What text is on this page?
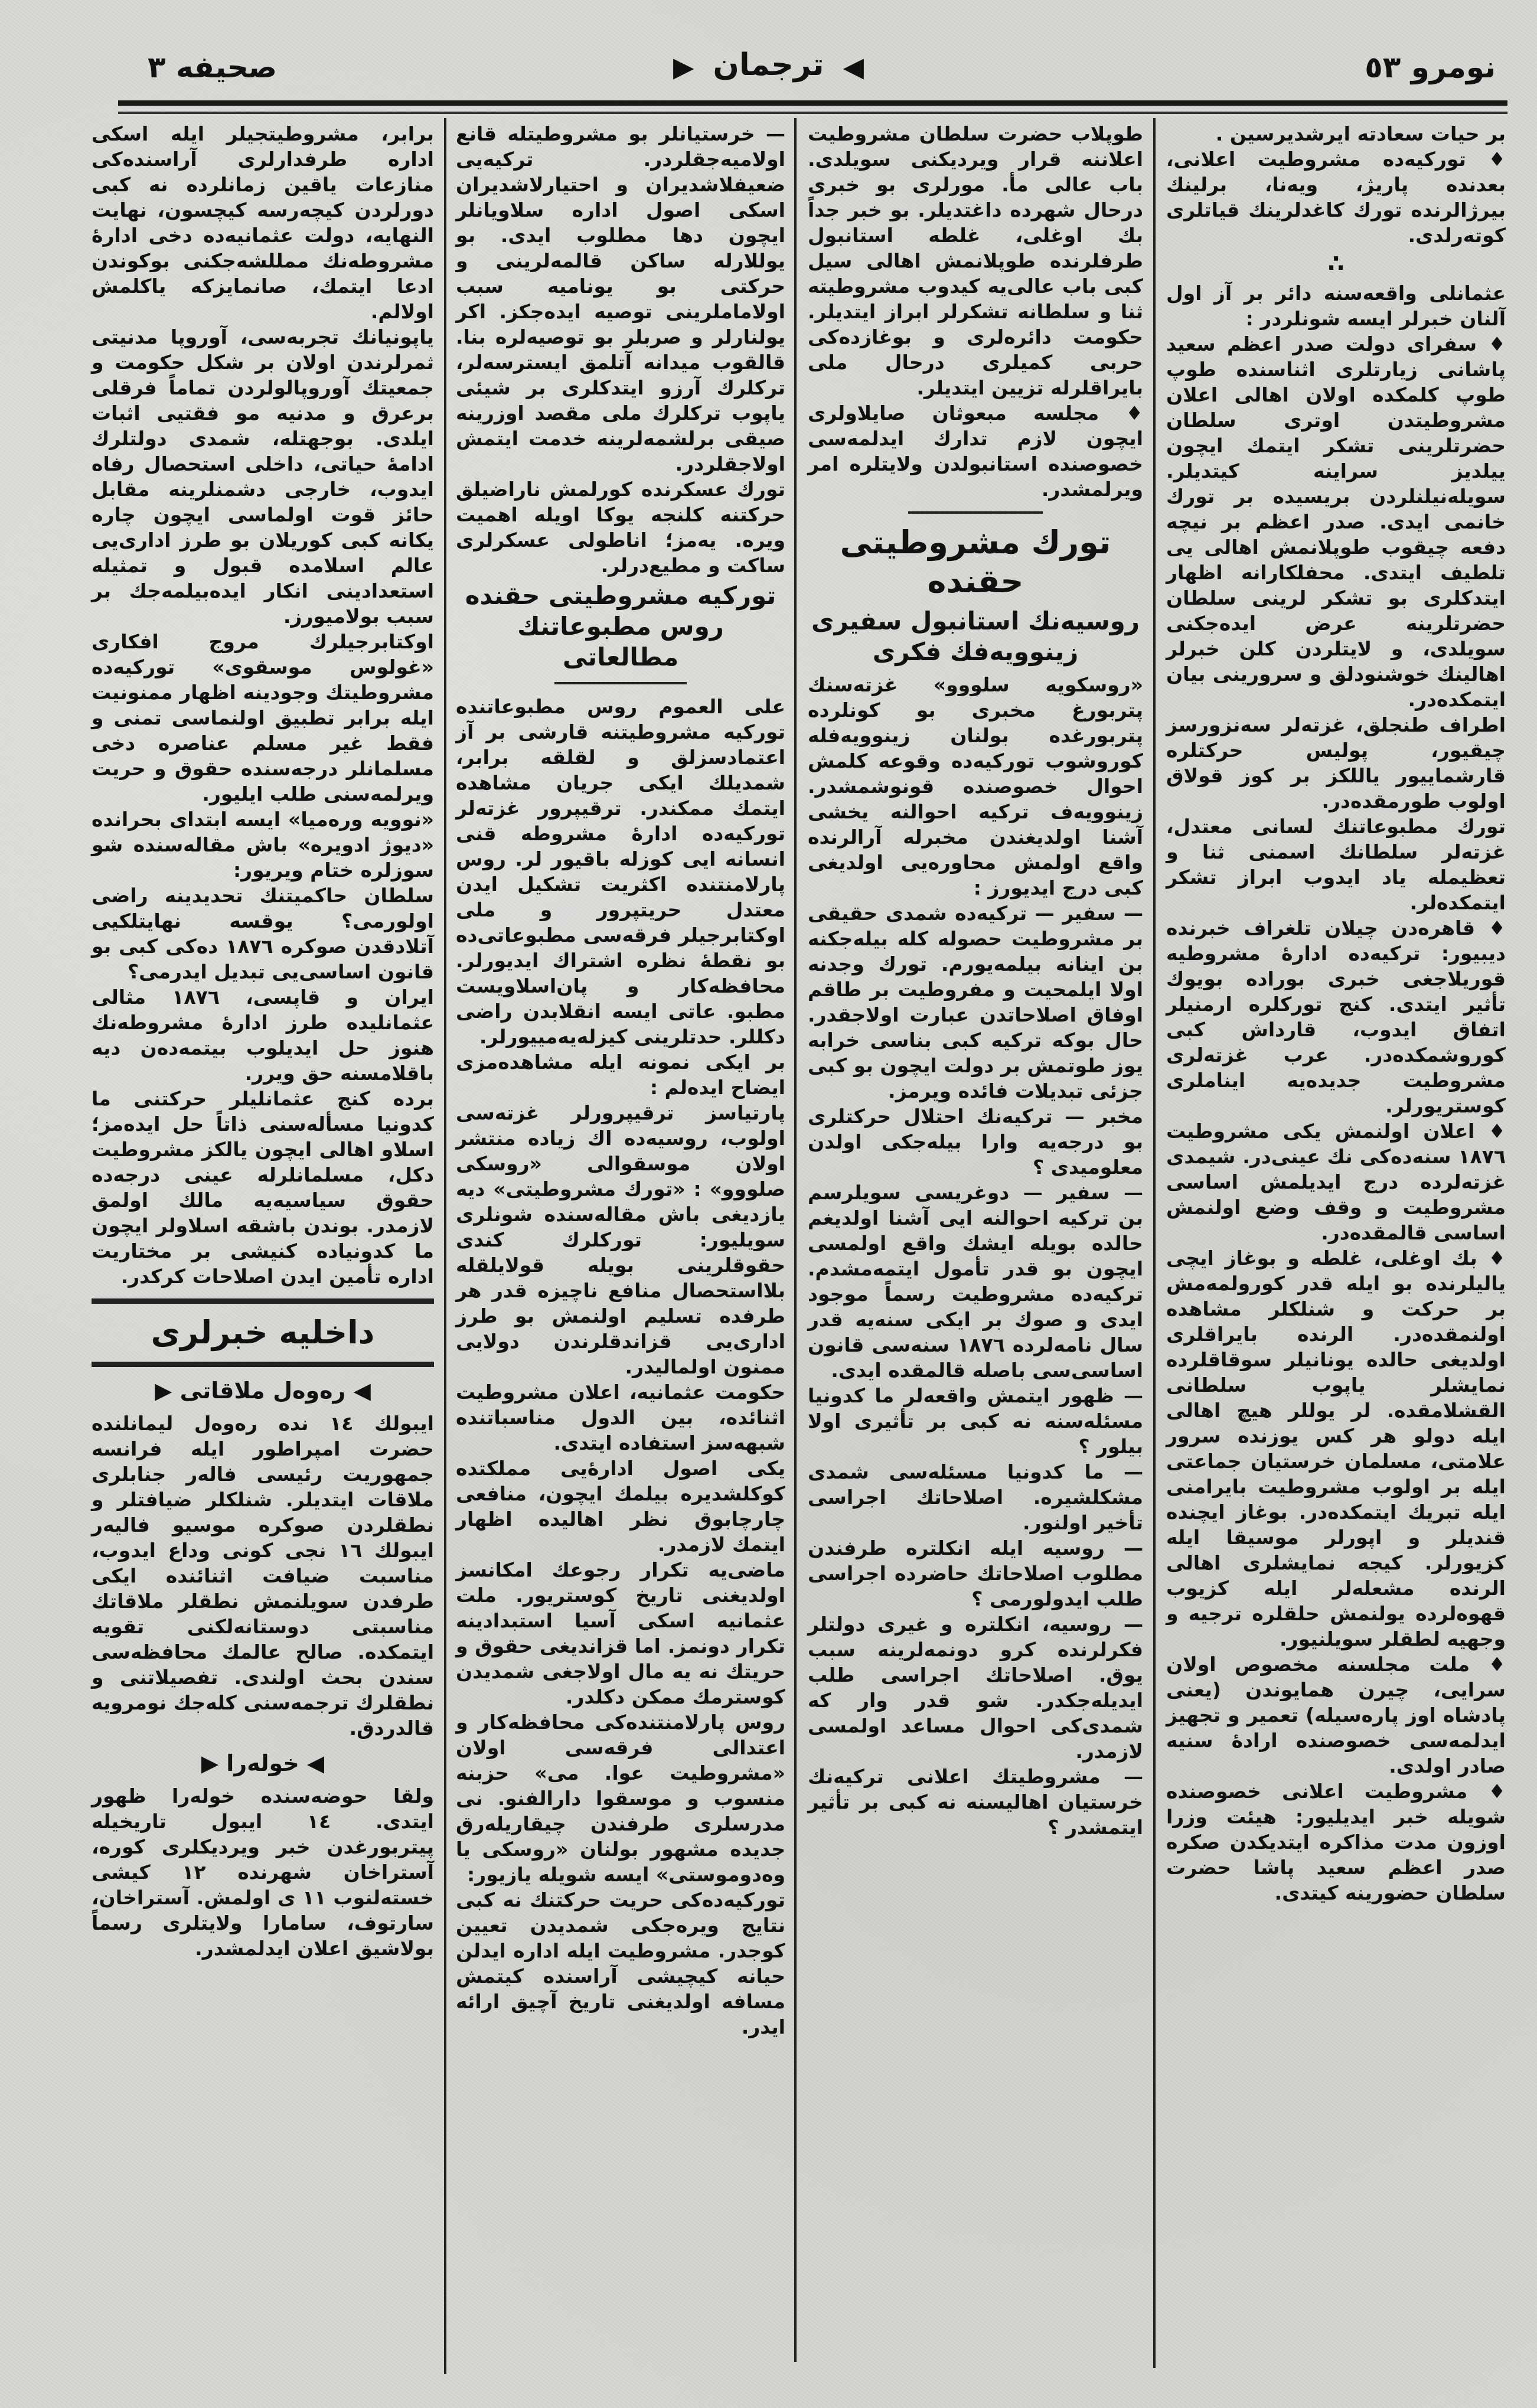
نومرو ٥٣
◀ ترجمان ▶
صحيفه ٣

بر حيات سعادته ايرشديرسين .

♦ توركيه‌ده مشروطيت اعلانى، بعدنده پاريژ، ويه‌نا، برلينك بيرژالرنده تورك كاغدلرينك قياتلرى كوته‌رلدى.

∴

عثمانلى واقعه‌سنه دائر بر آز اول آلنان خبرلر ايسه شونلردر :

♦ سفراى دولت صدر اعظم سعيد پاشانى زيارتلرى اثناسنده طوپ طوپ كلمكده اولان اهالى اعلان مشروطيتدن اوترى سلطان حضرتلرينى تشكر ايتمك ايچون ييلديز سراينه كيتديلر. سويله‌نيلنلردن بريسيده بر تورك خانمى ايدى. صدر اعظم بر نيچه دفعه چيقوب طوپلانمش اهالى يى تلطيف ايتدى. محفلكارانه اظهار ايتدكلرى بو تشكر لرينى سلطان حضرتلرينه عرض ايده‌جكنى سويلدى، و لايتلردن كلن خبرلر اهالينك خوشنودلق و سرورينى بيان ايتمكده‌در.

اطراف طنجلق، غزته‌لر سه‌نزورسز چيقيور، پوليس حركتلره قارشماييور ياللكز بر كوز قولاق اولوب طورمقده‌در.

تورك مطبوعاتنك لسانى معتدل، غزته‌لر سلطانك اسمنى ثنا و تعظيمله ياد ايدوب ابراز تشكر ايتمكده‌لر.

♦ قاهره‌دن چيلان تلغراف خبرنده ديبيور: تركيه‌ده ادارهٔ مشروطيه قوريلاجغى خبرى بوراده بويوك تأثير ايتدى. كنج توركلره ارمنيلر اتفاق ايدوب، قارداش كبى كوروشمكده‌در. عرب غزته‌لرى مشروطيت جديده‌يه ايناملرى كوستريورلر.

♦ اعلان اولنمش يكى مشروطيت ١٨٧٦ سنه‌ده‌كى نك عينى‌در. شيمدى غزته‌لرده درج ايديلمش اساسى مشروطيت و وقف وضع اولنمش اساسى قالمقده‌در.

♦ بك اوغلى، غلطه و بوغاز ايچى ياليلرنده بو ايله قدر كورولمه‌مش بر حركت و شنلكلر مشاهده اولنمقده‌در. الرنده بايراقلرى اولديغى حالده يونانيلر سوقاقلرده نمايشلر ياپوب سلطانى القشلامقده. لر يوللر هيچ اهالى ايله دولو هر كس يوزنده سرور علامتى، مسلمان خرستيان جماعتى ايله بر اولوب مشروطيت بايرامنى ايله تبريك ايتمكده‌در. بوغاز ايچنده قنديلر و اپورلر موسيقا ايله كزيورلر. كيجه نمايشلرى اهالى الرنده مشعله‌لر ايله كزيوب قهوه‌لرده يولنمش حلقلره ترجيه و وجهيه لطقلر سويلنيور.

♦ ملت مجلسنه مخصوص اولان سرايى، چيرن همايوندن (يعنى پادشاه اوز پاره‌سيله) تعمير و تجهيز ايدلمه‌سى خصوصنده ارادهٔ سنيه صادر اولدى.

♦ مشروطيت اعلانى خصوصنده شويله خبر ايديليور: هيئت وزرا اوزون مدت مذاكره ايتديكدن صكره صدر اعظم سعيد پاشا حضرت سلطان حضورينه كيتدى.

طوپلاب حضرت سلطان مشروطيت اعلاننه قرار ويرديكنى سويلدى. باب عالى مأ. مورلرى بو خبرى درحال شهرده داغتديلر. بو خبر جداً بك اوغلى، غلطه استانبول طرفلرنده طوپلانمش اهالى سيل كبى باب عالى‌يه كيدوب مشروطيته ثنا و سلطانه تشكرلر ابراز ايتديلر. حكومت دائره‌لرى و بوغازده‌كى حربى كميلرى درحال ملى بايراقلرله تزيين ايتديلر.

♦ مجلسه مبعوثان صايلاولرى ايچون لازم تدارك ايدلمه‌سى خصوصنده استانبولدن ولايتلره امر ويرلمشدر.

تورك مشروطيتى حقنده
روسيه‌نك استانبول سفيرى زينوويه‌فك فكرى

«روسكويه سلووو» غزته‌سنك پتربورغ مخبرى بو كونلرده پتربورغده بولنان زينوويه‌فله كوروشوب توركيه‌ده وقوعه كلمش احوال خصوصنده قونوشمشدر. زينوويه‌ف تركيه احوالنه يخشى آشنا اولديغندن مخبرله آرالرنده واقع اولمش محاوره‌يى اولديغى كبى درج ايديورز :

— سفير — تركيه‌ده شمدى حقيقى بر مشروطيت حصوله كله بيله‌جكنه بن اينانه بيلمه‌يورم. تورك وجدنه اولا ايلمحيت و مفروطيت بر طاقم اوفاق اصلاحاتدن عبارت اولاجقدر. حال بوكه تركيه كبى بناسى خرابه يوز طوتمش بر دولت ايچون بو كبى جزئى تبديلات فائده ويرمز.

مخبر — تركيه‌نك احتلال حركتلرى بو درجه‌يه وارا بيله‌جكى اولدن معلوميدى ؟

— سفير — دوغريسى سويلرسم بن تركيه احوالنه ايى آشنا اولديغم حالده بويله ايشك واقع اولمسى ايچون بو قدر تأمول ايتمه‌مشدم. تركيه‌ده مشروطيت رسماً موجود ايدى و صوك بر ايكى سنه‌يه قدر سال نامه‌لرده ١٨٧٦ سنه‌سى قانون اساسى‌سى باصله قالمقده ايدى.

— ظهور ايتمش واقعه‌لر ما كدونيا مسئله‌سنه نه كبى بر تأثيرى اولا بيلور ؟

— ما كدونيا مسئله‌سى شمدى مشكلشيره. اصلاحاتك اجراسى تأخير اولنور.

— روسيه ايله انكلتره طرفندن مطلوب اصلاحاتك حاضرده اجراسى طلب ايدولورمى ؟

— روسيه، انكلتره و غيرى دولتلر فكرلرنده كرو دونمه‌لرينه سبب يوق. اصلاحاتك اجراسى طلب ايديله‌جكدر. شو قدر وار كه شمدى‌كى احوال مساعد اولمسى لازمدر.

— مشروطيتك اعلانى تركيه‌نك خرستيان اهاليسنه نه كبى بر تأثير ايتمشدر ؟

— خرستيانلر بو مشروطيتله قانع اولاميه‌جقلردر. تركيه‌يى ضعيفلاشديران و احتيارلاشديران اسكى اصول اداره سلاويانلر ايچون دها مطلوب ايدى. بو يوللارله ساكن قالمه‌لرينى و حركتى بو يوناميه سبب اولاماملرينى توصيه ايده‌جكز. اكر يولنارلر و صربلر بو توصيه‌لره بنا. قالقوب ميدانه آتلمق ايسترسه‌لر، تركلرك آرزو ايتدكلرى بر شيئى ياپوب تركلرك ملى مقصد اوزرينه صيقى برلشمه‌لرينه خدمت ايتمش اولاجقلردر.

تورك عسكرنده كورلمش ناراضيلق حركتنه كلنجه يوكا اويله اهميت ويره. يه‌مز؛ اناطولى عسكرلرى ساكت و مطيع‌درلر.

توركيه مشروطيتى حقنده روس مطبوعاتنك مطالعاتى

على العموم روس مطبوعاتنده توركيه مشروطيتنه قارشى بر آز اعتمادسزلق و لقلقه برابر، شمديلك ايكى جريان مشاهده ايتمك ممكندر. ترقيپرور غزته‌لر توركيه‌ده ادارهٔ مشروطه قنى انسانه ايى كوزله باقيور لر. روس پارلامنتنده اكثريت تشكيل ايدن معتدل حريتپرور و ملى اوكتابرجيلر فرقه‌سى مطبوعاتى‌ده بو نقطهٔ نظره اشتراك ايديورلر. محافظه‌كار و پان‌اسلاويست مطبو. عاتى ايسه انقلابدن راضى دكللر. حدتلرينى كيزله‌يه‌مييورلر.

بر ايكى نمونه ايله مشاهده‌مزى ايضاح ايده‌لم :

پارتياسز ترقيپرورلر غزته‌سى اولوب، روسيه‌ده اك زياده منتشر اولان موسقوالى «روسكى صلووو» : «تورك مشروطيتى» ديه يازديغى باش مقاله‌سنده شونلرى سويليور: توركلرك كندى حقوقلرينى بويله قولايلقله بلااستحصال منافع ناچيزه قدر هر طرفده تسليم اولنمش بو طرز ادارى‌يى قزاندقلرندن دولايى ممنون اولماليدر.

حكومت عثمانيه، اعلان مشروطيت اثنائده، بين الدول مناسباتنده شبهه‌سز استفاده ايتدى.

يكى اصول ادارهٔ‌يى مملكتده كوكلشديره بيلمك ايچون، منافعى چارچابوق نظر اهاليده اظهار ايتمك لازمدر.

ماضى‌يه تكرار رجوعك امكانسز اولديغنى تاريخ كوستريور. ملت عثمانيه اسكى آسيا استبدادينه تكرار دونمز. اما قزانديغى حقوق و حريتك نه يه مال اولاجغى شمديدن كوسترمك ممكن دكلدر.

روس پارلامنتنده‌كى محافظه‌كار و اعتدالى فرقه‌سى اولان «مشروطيت عوا. مى» حزبنه منسوب و موسقوا دارالفنو. نى مدرسلرى طرفندن چيقاريله‌رق جديده مشهور بولنان «روسكى يا وه‌دوموستى» ايسه شويله يازيور:

توركيه‌ده‌كى حريت حركتنك نه كبى نتايج ويره‌جكى شمديدن تعيين كوجدر. مشروطيت ايله اداره ايدلن حيانه كيچيشى آراسنده كيتمش مسافه اولديغنى تاريخ آچيق ارائه ايدر.

برابر، مشروطيتجيلر ايله اسكى اداره طرفدارلرى آراسنده‌كى منازعات ياقين زمانلرده نه كبى دورلردن كيچه‌رسه كيچسون، نهايت النهايه، دولت عثمانيه‌ده دخى ادارهٔ مشروطه‌نك ممللشه‌جكنى بوكوندن ادعا ايتمك، صانمايزكه ياكلمش اولالم.

ياپونيانك تجربه‌سى، آوروپا مدنيتى ثمرلرندن اولان بر شكل حكومت و جمعيتك آوروپالولردن تماماً فرقلى برعرق و مدنيه مو فقتيى اثبات ايلدى. بوجهتله، شمدى دولتلرك ادامهٔ حياتى، داخلى استحصال رفاه ايدوب، خارجى دشمنلرينه مقابل حائز قوت اولماسى ايچون چاره يكانه كبى كوريلان بو طرز ادارى‌يى عالم اسلامده قبول و تمثيله استعدادينى انكار ايده‌بيلمه‌جك بر سبب بولاميورز.

اوكتابرجيلرك مروج افكارى «غولوس موسقوى» توركيه‌ده مشروطيتك وجودينه اظهار ممنونيت ايله برابر تطبيق اولنماسى تمنى و فقط غير مسلم عناصره دخى مسلمانلر درجه‌سنده حقوق و حريت ويرلمه‌سنى طلب ايليور.

«نوويه وره‌ميا» ايسه ابتداى بحرانده «ديوژ ادويره» باش مقاله‌سنده شو سوزلره ختام ويريور:

سلطان حاكميتنك تحديدينه راضى اولورمى؟ يوقسه نهايتلكيى آتلادقدن صوكره ١٨٧٦ ده‌كى كبى بو قانون اساسى‌يى تبديل ايدرمى؟

ايران و قاپسى، ١٨٧٦ مثالى عثمانليده طرز ادارهٔ مشروطه‌نك هنوز حل ايديلوب بيتمه‌ده‌ن ديه باقلامسنه حق ويرر.

برده كنج عثمانليلر حركتنى ما كدونيا مسأله‌سنى ذاتاً حل ايده‌مز؛ اسلاو اهالى ايچون يالكز مشروطيت دكل، مسلمانلرله عينى درجه‌ده حقوق سياسيه‌يه مالك اولمق لازمدر. بوندن باشقه اسلاولر ايچون ما كدونياده كنيشى بر مختاريت اداره تأمين ايدن اصلاحات كركدر.

داخليه خبرلرى
◀ ره‌وه‌ل ملاقاتى ▶

ايبولك ١٤ نده ره‌وه‌ل ليمانلنده حضرت امپراطور ايله فرانسه جمهوريت رئيسى فاله‌ر جنابلرى ملاقات ايتديلر. شنلكلر ضيافتلر و نطقلردن صوكره موسيو فاليه‌ر ايبولك ١٦ نجى كونى وداع ايدوب، مناسبت ضيافت اثنائنده ايكى طرفدن سويلنمش نطقلر ملاقاتك مناسبتى دوستانه‌لكنى تقويه ايتمكده. صالح عالمك محافظه‌سى سندن بحث اولندى. تفصيلاتنى و نطقلرك ترجمه‌سنى كله‌جك نومرويه قالدردق.

◀ خوله‌را ▶

ولقا حوضه‌سنده خوله‌را ظهور ايتدى. ١٤ ايبول تاريخيله پيتربورغدن خبر ويرديكلرى كوره، آستراخان شهرنده ١٢ كيشى خسته‌لنوب ١١ ى اولمش. آستراخان، سارتوف، سامارا ولايتلرى رسماً بولاشيق اعلان ايدلمشدر.
